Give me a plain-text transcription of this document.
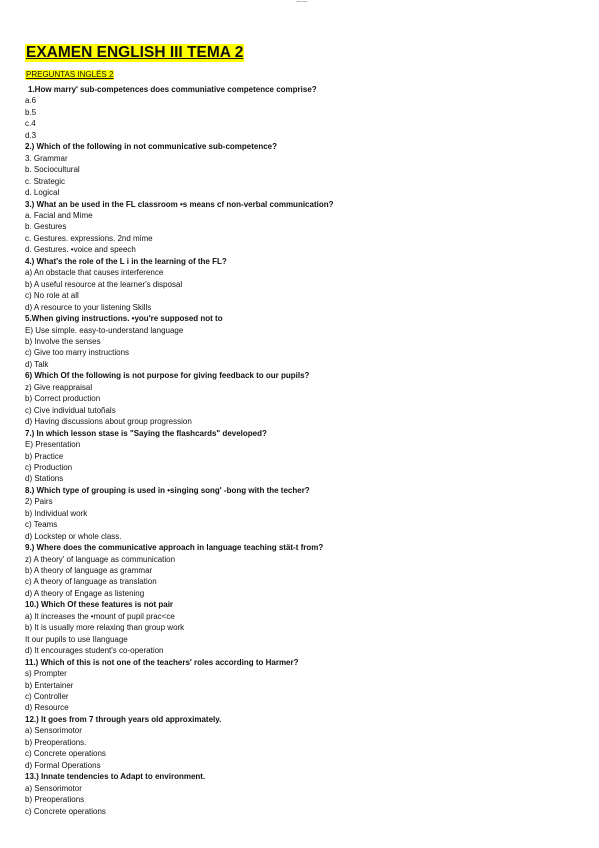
ーー
EXAMEN ENGLISH III TEMA 2
PREGUNTAS INGLÉS 2
1.How marry' sub-competences does communiative competence comprise?
a.6
b.5
c.4
d.3
2.) Which of the following in not communicative sub-competence?
3. Grammar
b. Sociocultural
c. Strategic
d. Logical
3.) What an be used in the FL classroom •s means cf non-verbal communication?
a. Facial and Mime
b. Gestures
c. Gestures. expressions. 2nd mime
d. Gestures. •voice and speech
4.) What's the role of the L i in the learning of the FL?
a) An obstacle that causes interference
b) A useful resource at the learner's disposal
c) No role at all
d) A resource to your listening Skills
5.When giving instructions. •you're supposed not to
E) Use simple. easy-to-understand language
b) Involve the senses
c) Give too marry instructions
d) Talk
6) Which Of the following is not purpose for giving feedback to our pupils?
z) Give reappraisal
b) Correct production
c) Cive individual tutoñals
d) Having discussions about group progression
7.) In which lesson stase is "Saying the flashcards" developed?
E) Presentation
b) Practice
c) Production
d) Stations
8.) Which type of grouping is used in •singing song' -bong with the techer?
2) Pairs
b) Individual work
c) Teams
d) Lockstep or whole class.
9.) Where does the communicative approach in language teaching stät-t from?
z) A theory' of language as communication
b) A theory of language as grammar
c) A theory of language as translation
d) A theory of Engage as listening
10.) Which Of these features is not pair
a) It increases the •mount of pupil prac<ce
b) It is usually more relaxing than group work
It our pupils to use Ilanguage
d) It encourages student's co-operation
11.) Which of this is not one of the teachers' roles according to Harmer?
s) Prompter
b) Entertainer
c) Controller
d) Resource
12.) It goes from 7 through years old approximately.
a) Sensorimotor
b) Preoperations.
c) Concrete operations
d) Formal Operations
13.) Innate tendencies to Adapt to environment.
a) Sensorimotor
b) Preoperations
c) Concrete operations
